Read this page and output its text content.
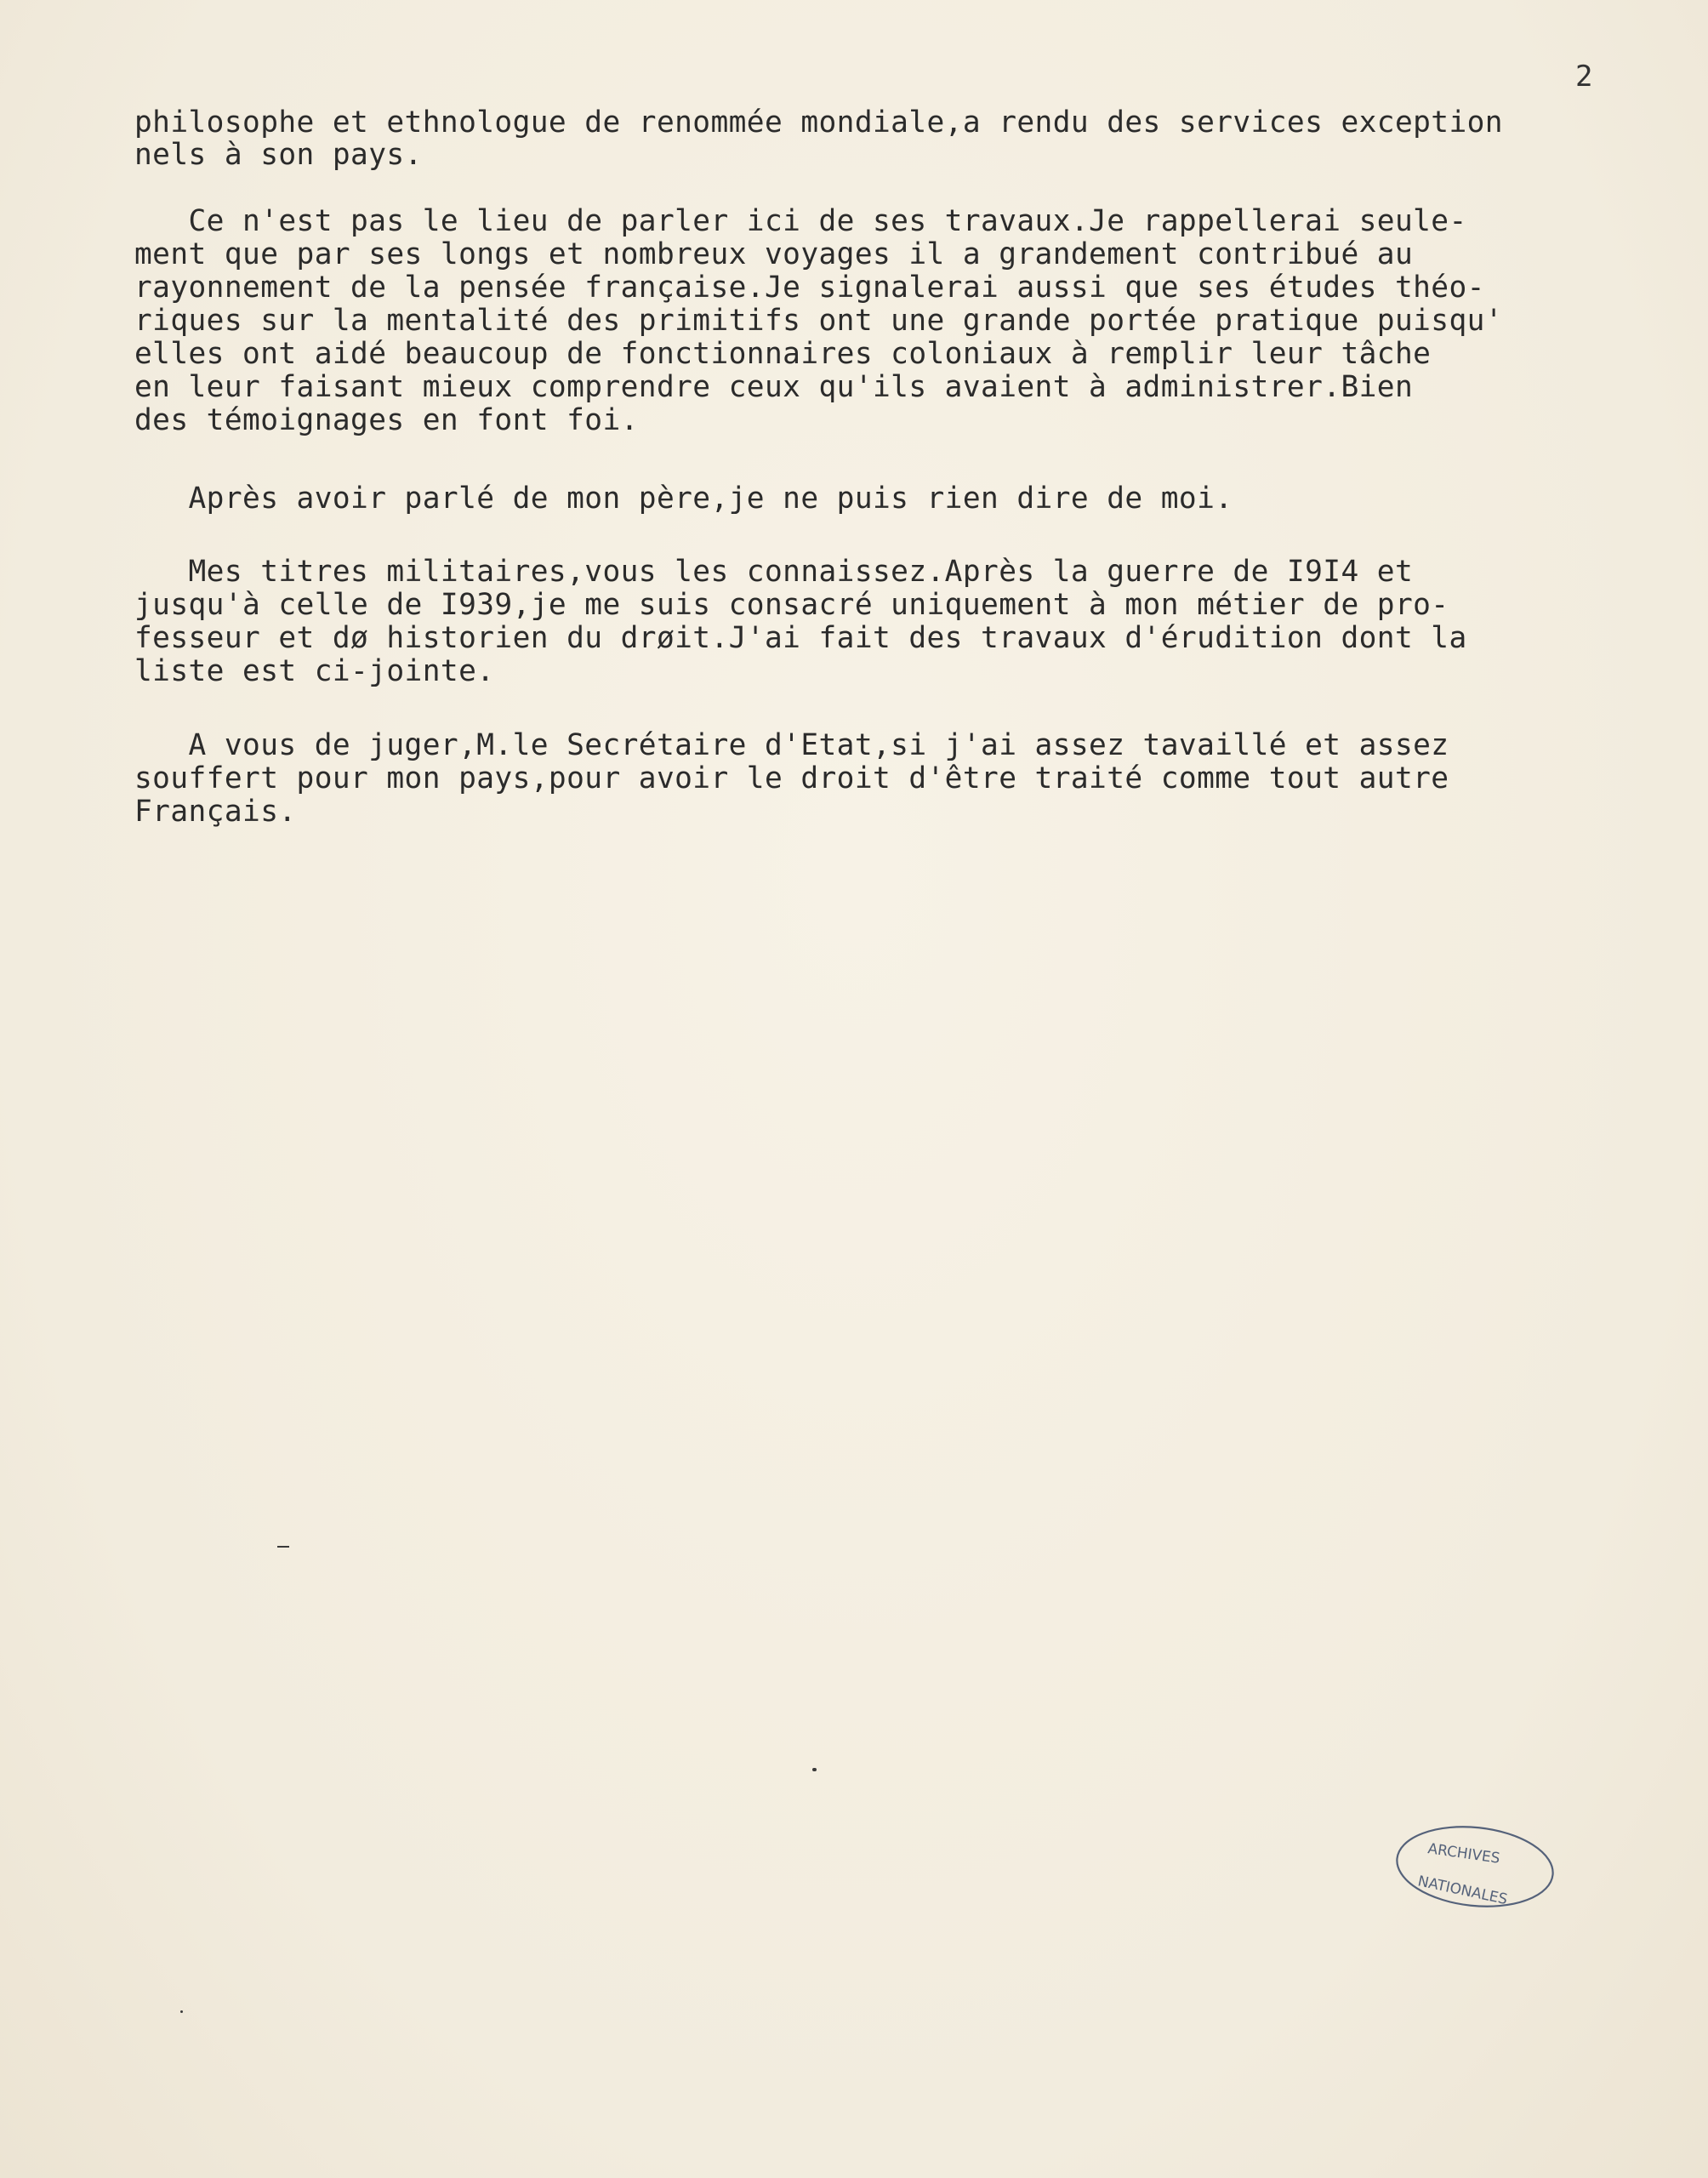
2

philosophe et ethnologue de renommée mondiale,a rendu des services exception

nels à son pays.

Ce n'est pas le lieu de parler ici de ses travaux.Je rappellerai seule-

ment que par ses longs et nombreux voyages il a grandement contribué au

rayonnement de la pensée française.Je signalerai aussi que ses études théo-

riques sur la mentalité des primitifs ont une grande portée pratique puisqu'

elles ont aidé beaucoup de fonctionnaires coloniaux à remplir leur tâche

en leur faisant mieux comprendre ceux qu'ils avaient à administrer.Bien

des témoignages en font foi.

Après avoir parlé de mon père,je ne puis rien dire de moi.

Mes titres militaires,vous les connaissez.Après la guerre de I9I4 et

jusqu'à celle de I939,je me suis consacré uniquement à mon métier de pro-

fesseur et dø historien du drøit.J'ai fait des travaux d'érudition dont la

liste est ci-jointe.

A vous de juger,M.le Secrétaire d'Etat,si j'ai assez tavaillé et assez

souffert pour mon pays,pour avoir le droit d'être traité comme tout autre

Français.

ARCHIVES
NATIONALES
